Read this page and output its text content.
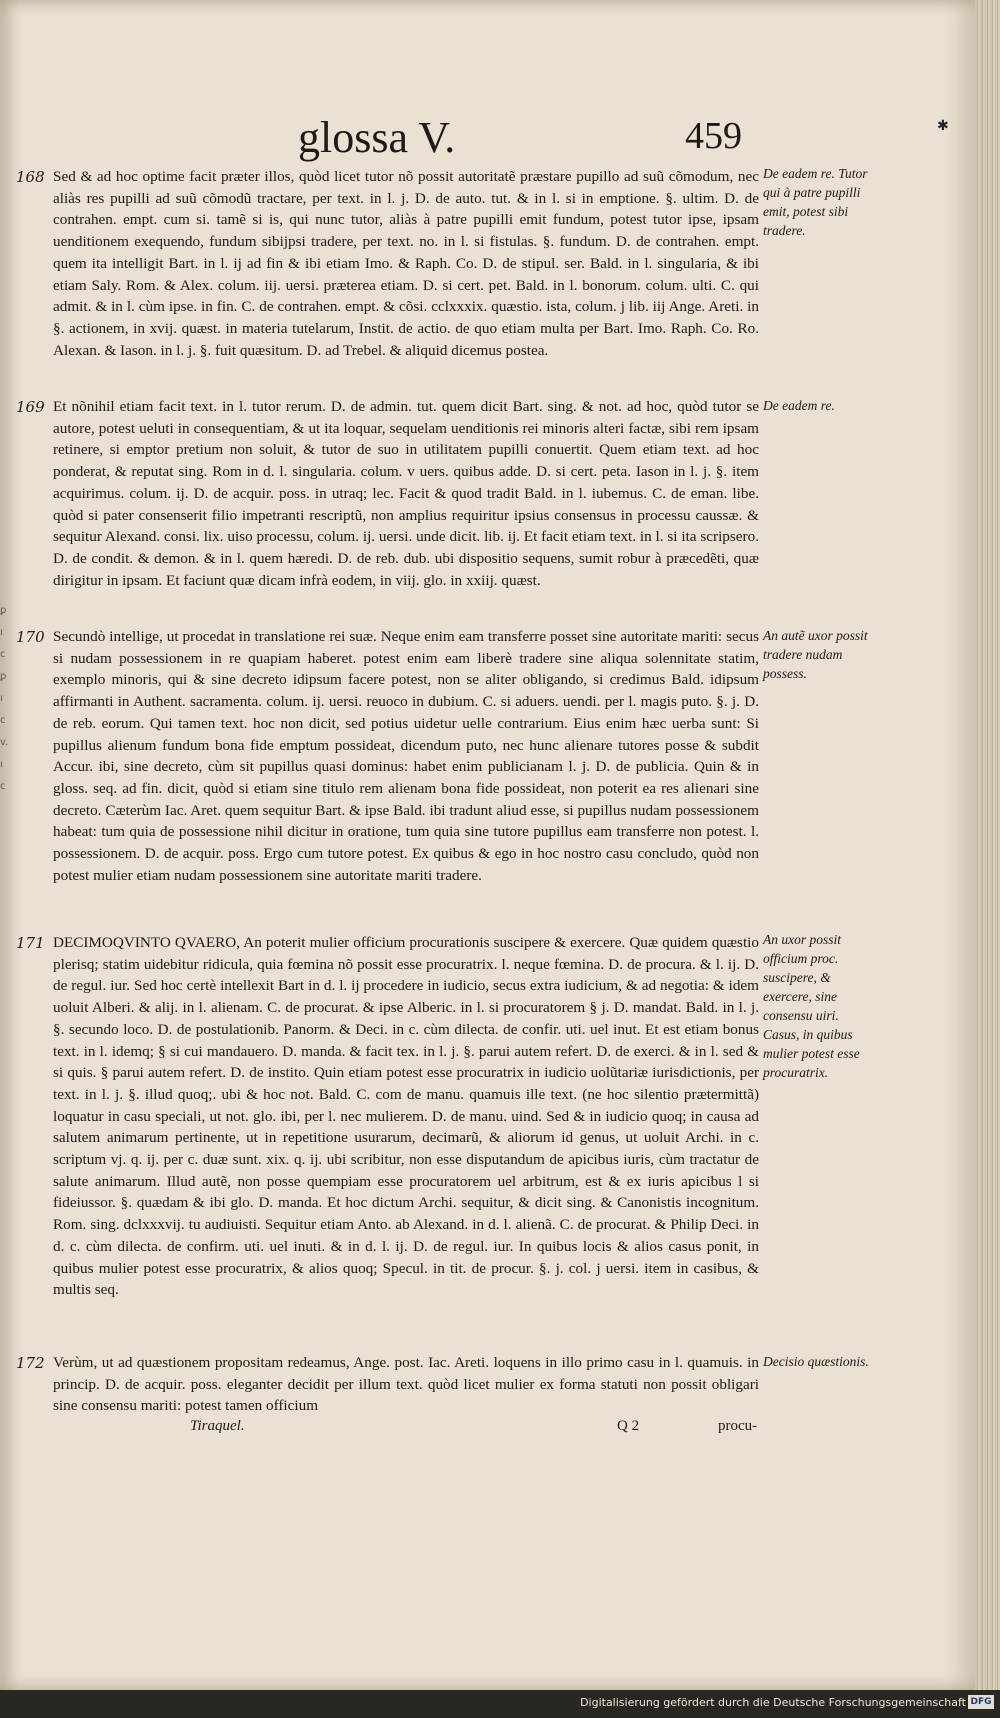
glossa V.	459	✱
ꝑ
ı
c
ꝑ
ı
c
v.
ı
c
168 Sed & ad hoc optime facit præter illos, quòd licet tutor nõ possit autoritatẽ præstare pupillo ad suũ cõmodum, nec aliàs res pupilli ad suũ cõmodũ tractare, per text. in l. j. D. de auto. tut. & in l. si in emptione. §. ultim. D. de contrahen. empt. cum si. tamẽ si is, qui nunc tutor, aliàs à patre pupilli emit fundum, potest tutor ipse, ipsam uenditionem exequendo, fundum sibijpsi tradere, per text. no. in l. si fistulas. §. fundum. D. de contrahen. empt. quem ita intelligit Bart. in l. ij ad fin & ibi etiam Imo. & Raph. Co. D. de stipul. ser. Bald. in l. singularia, & ibi etiam Saly. Rom. & Alex. colum. iij. uersi. præterea etiam. D. si cert. pet. Bald. in l. bonorum. colum. ulti. C. qui admit. & in l. cùm ipse. in fin. C. de contrahen. empt. & cõsi. cclxxxix. quæstio. ista, colum. j lib. iij Ange. Areti. in §. actionem, in xvij. quæst. in materia tutelarum, Instit. de actio. de quo etiam multa per Bart. Imo. Raph. Co. Ro. Alexan. & Iason. in l. j. §. fuit quæsitum. D. ad Trebel. & aliquid dicemus postea.
De eadem re. Tutor qui à patre pupilli emit, potest sibi tradere.
169 Et nõnihil etiam facit text. in l. tutor rerum. D. de admin. tut. quem dicit Bart. sing. & not. ad hoc, quòd tutor se autore, potest ueluti in consequentiam, & ut ita loquar, sequelam uenditionis rei minoris alteri factæ, sibi rem ipsam retinere, si emptor pretium non soluit, & tutor de suo in utilitatem pupilli conuertit. Quem etiam text. ad hoc ponderat, & reputat sing. Rom in d. l. singularia. colum. v uers. quibus adde. D. si cert. peta. Iason in l. j. §. item acquirimus. colum. ij. D. de acquir. poss. in utraq; lec. Facit & quod tradit Bald. in l. iubemus. C. de eman. libe. quòd si pater consenserit filio impetranti rescriptũ, non amplius requiritur ipsius consensus in processu caussæ. & sequitur Alexand. consi. lix. uiso processu, colum. ij. uersi. unde dicit. lib. ij. Et facit etiam text. in l. si ita scripsero. D. de condit. & demon. & in l. quem hæredi. D. de reb. dub. ubi dispositio sequens, sumit robur à præcedẽti, quæ dirigitur in ipsam. Et faciunt quæ dicam infrà eodem, in viij. glo. in xxiij. quæst.
De eadem re.
170 Secundò intellige, ut procedat in translatione rei suæ. Neque enim eam transferre posset sine autoritate mariti: secus si nudam possessionem in re quapiam haberet. potest enim eam liberè tradere sine aliqua solennitate statim, exemplo minoris, qui & sine decreto idipsum facere potest, non se aliter obligando, si credimus Bald. idipsum affirmanti in Authent. sacramenta. colum. ij. uersi. reuoco in dubium. C. si aduers. uendi. per l. magis puto. §. j. D. de reb. eorum. Qui tamen text. hoc non dicit, sed potius uidetur uelle contrarium. Eius enim hæc uerba sunt: Si pupillus alienum fundum bona fide emptum possideat, dicendum puto, nec hunc alienare tutores posse & subdit Accur. ibi, sine decreto, cùm sit pupillus quasi dominus: habet enim publicianam l. j. D. de publicia. Quin & in gloss. seq. ad fin. dicit, quòd si etiam sine titulo rem alienam bona fide possideat, non poterit ea res alienari sine decreto. Cæterùm Iac. Aret. quem sequitur Bart. & ipse Bald. ibi tradunt aliud esse, si pupillus nudam possessionem habeat: tum quia de possessione nihil dicitur in oratione, tum quia sine tutore pupillus eam transferre non potest. l. possessionem. D. de acquir. poss. Ergo cum tutore potest. Ex quibus & ego in hoc nostro casu concludo, quòd non potest mulier etiam nudam possessionem sine autoritate mariti tradere.
An autẽ uxor possit tradere nudam possess.
171 DECIMOQVINTO QVAERO, An poterit mulier officium procurationis suscipere & exercere. Quæ quidem quæstio plerisq; statim uidebitur ridicula, quia fœmina nõ possit esse procuratrix. l. neque fœmina. D. de procura. & l. ij. D. de regul. iur. Sed hoc certè intellexit Bart in d. l. ij procedere in iudicio, secus extra iudicium, & ad negotia: & idem uoluit Alberi. & alij. in l. alienam. C. de procurat. & ipse Alberic. in l. si procuratorem § j. D. mandat. Bald. in l. j. §. secundo loco. D. de postulationib. Panorm. & Deci. in c. cùm dilecta. de confir. uti. uel inut. Et est etiam bonus text. in l. idemq; § si cui mandauero. D. manda. & facit tex. in l. j. §. parui autem refert. D. de exerci. & in l. sed & si quis. § parui autem refert. D. de instito. Quin etiam potest esse procuratrix in iudicio uolũtariæ iurisdictionis, per text. in l. j. §. illud quoq;. ubi & hoc not. Bald. C. com de manu. quamuis ille text. (ne hoc silentio prætermittã) loquatur in casu speciali, ut not. glo. ibi, per l. nec mulierem. D. de manu. uind. Sed & in iudicio quoq; in causa ad salutem animarum pertinente, ut in repetitione usurarum, decimarũ, & aliorum id genus, ut uoluit Archi. in c. scriptum vj. q. ij. per c. duæ sunt. xix. q. ij. ubi scribitur, non esse disputandum de apicibus iuris, cùm tractatur de salute animarum. Illud autẽ, non posse quempiam esse procuratorem uel arbitrum, est & ex iuris apicibus l si fideiussor. §. quædam & ibi glo. D. manda. Et hoc dictum Archi. sequitur, & dicit sing. & Canonistis incognitum. Rom. sing. dclxxxvij. tu audiuisti. Sequitur etiam Anto. ab Alexand. in d. l. alienã. C. de procurat. & Philip Deci. in d. c. cùm dilecta. de confirm. uti. uel inuti. & in d. l. ij. D. de regul. iur. In quibus locis & alios casus ponit, in quibus mulier potest esse procuratrix, & alios quoq; Specul. in tit. de procur. §. j. col. j uersi. item in casibus, & multis seq.
An uxor possit officium proc. suscipere, & exercere, sine consensu uiri. Casus, in quibus mulier potest esse procuratrix.
172 Verùm, ut ad quæstionem propositam redeamus, Ange. post. Iac. Areti. loquens in illo primo casu in l. quamuis. in princip. D. de acquir. poss. eleganter decidit per illum text. quòd licet mulier ex forma statuti non possit obligari sine consensu mariti: potest tamen officium
Decisio quæstionis.
Tiraquel.	Q 2	procu-
Digitalisierung gefördert durch die Deutsche Forschungsgemeinschaft DFG
